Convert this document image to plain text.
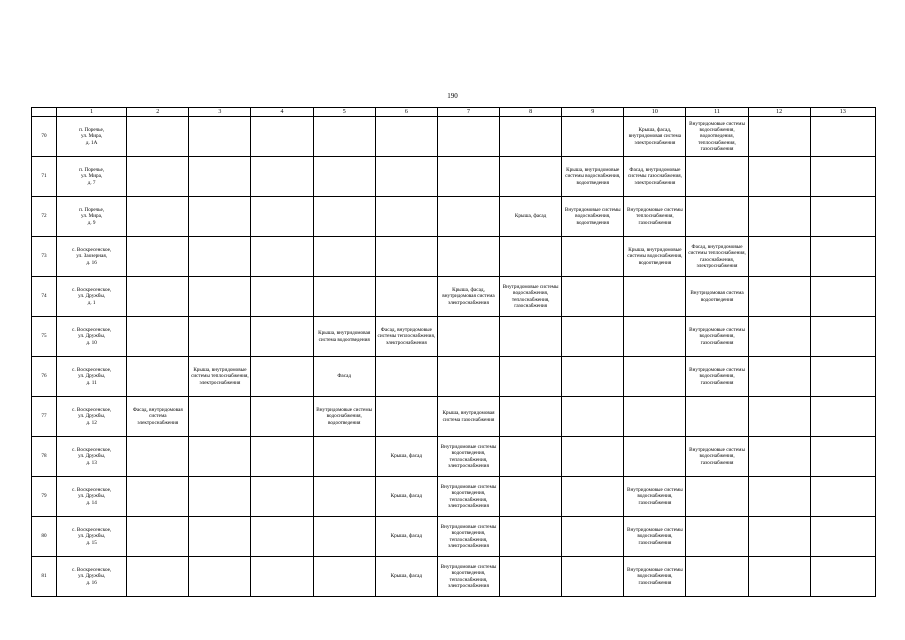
190
	1	2	3	4	5	6	7	8	9	10	11	12	13
70	п. Поречье,
ул. Мира,
д. 1А									Крыша, фасад, внутридомовая система электроснабжения	Внутридомовые системы водоснабжения, водоотведения, теплоснабжения, газоснабжения		
71	п. Поречье,
ул. Мира,
д. 7								Крыша, внутридомовые системы водоснабжения, водоотведения	Фасад, внутридомовые системы газоснабжения, электроснабжения			
72	п. Поречье,
ул. Мира,
д. 9							Крыша, фасад	Внутридомовые системы водоснабжения, водоотведения	Внутридомовые системы теплоснабжения, газоснабжения			
73	с. Воскресенское,
ул. Заозерная,
д. 16									Крыша, внутридомовые системы водоснабжения, водоотведения	Фасад, внутридомовые системы теплоснабжения, газоснабжения, электроснабжения		
74	с. Воскресенское,
ул. Дружбы,
д. 1						Крыша, фасад, внутридомовая система электроснабжения	Внутридомовые системы водоснабжения, теплоснабжения, газоснабжения			Внутридомовая система водоотведения		
75	с. Воскресенское,
ул. Дружбы,
д. 10				Крыша, внутридомовая система водоотведения	Фасад, внутридомовые системы теплоснабжения, электроснабжения					Внутридомовые системы водоснабжения, газоснабжения		
76	с. Воскресенское,
ул. Дружбы,
д. 11		Крыша, внутридомовые системы теплоснабжения, электроснабжения		Фасад						Внутридомовые системы водоснабжения, газоснабжения		
77	с. Воскресенское,
ул. Дружбы,
д. 12	Фасад, внутридомовая система электроснабжения			Внутридомовые системы водоснабжения, водоотведения		Крыша, внутридомовая система газоснабжения						
78	с. Воскресенское,
ул. Дружбы,
д. 13					Крыша, фасад	Внутридомовые системы водоотведения, теплоснабжения, электроснабжения				Внутридомовые системы водоснабжения, газоснабжения		
79	с. Воскресенское,
ул. Дружбы,
д. 14					Крыша, фасад	Внутридомовые системы водоотведения, теплоснабжения, электроснабжения			Внутридомовые системы водоснабжения, газоснабжения			
80	с. Воскресенское,
ул. Дружбы,
д. 15					Крыша, фасад	Внутридомовые системы водоотведения, теплоснабжения, электроснабжения			Внутридомовые системы водоснабжения, газоснабжения			
81	с. Воскресенское,
ул. Дружбы,
д. 16					Крыша, фасад	Внутридомовые системы водоотведения, теплоснабжения, электроснабжения			Внутридомовые системы водоснабжения, газоснабжения			
